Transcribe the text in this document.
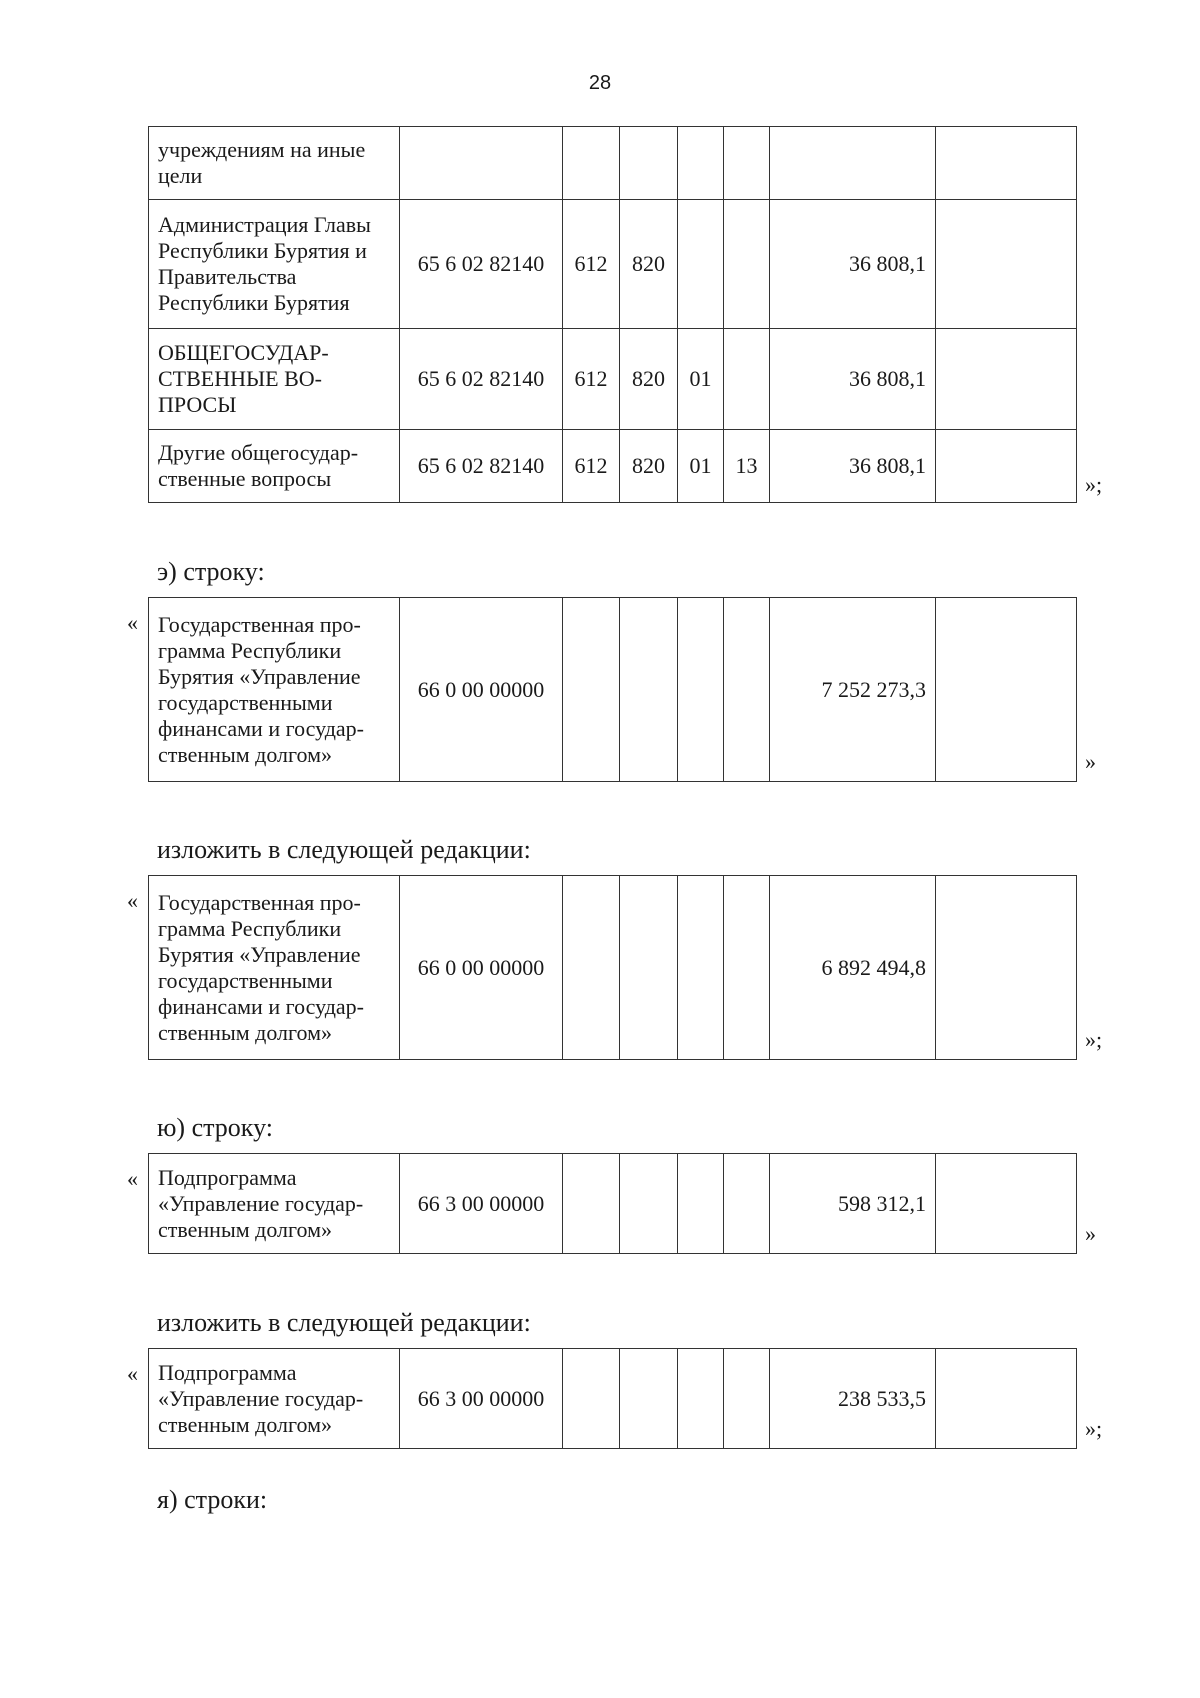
28
учреждениям на иные цели							
Администрация Главы Республики Бурятия и Правительства Республики Бурятия	65 6 02 82140	612	820			36 808,1	
ОБЩЕГОСУДАР-СТВЕННЫЕ ВО-ПРОСЫ	65 6 02 82140	612	820	01		36 808,1	
Другие общегосудар-ственные вопросы	65 6 02 82140	612	820	01	13	36 808,1	
»;
э) строку:
« Государственная про-грамма Республики Бурятия «Управление государственными финансами и государ-ственным долгом»	66 0 00 00000					7 252 273,3	
»
изложить в следующей редакции:
« Государственная про-грамма Республики Бурятия «Управление государственными финансами и государ-ственным долгом»	66 0 00 00000					6 892 494,8	
»;
ю) строку:
« Подпрограмма «Управление государ-ственным долгом»	66 3 00 00000					598 312,1	
»
изложить в следующей редакции:
« Подпрограмма «Управление государ-ственным долгом»	66 3 00 00000					238 533,5	
»;
я) строки:
